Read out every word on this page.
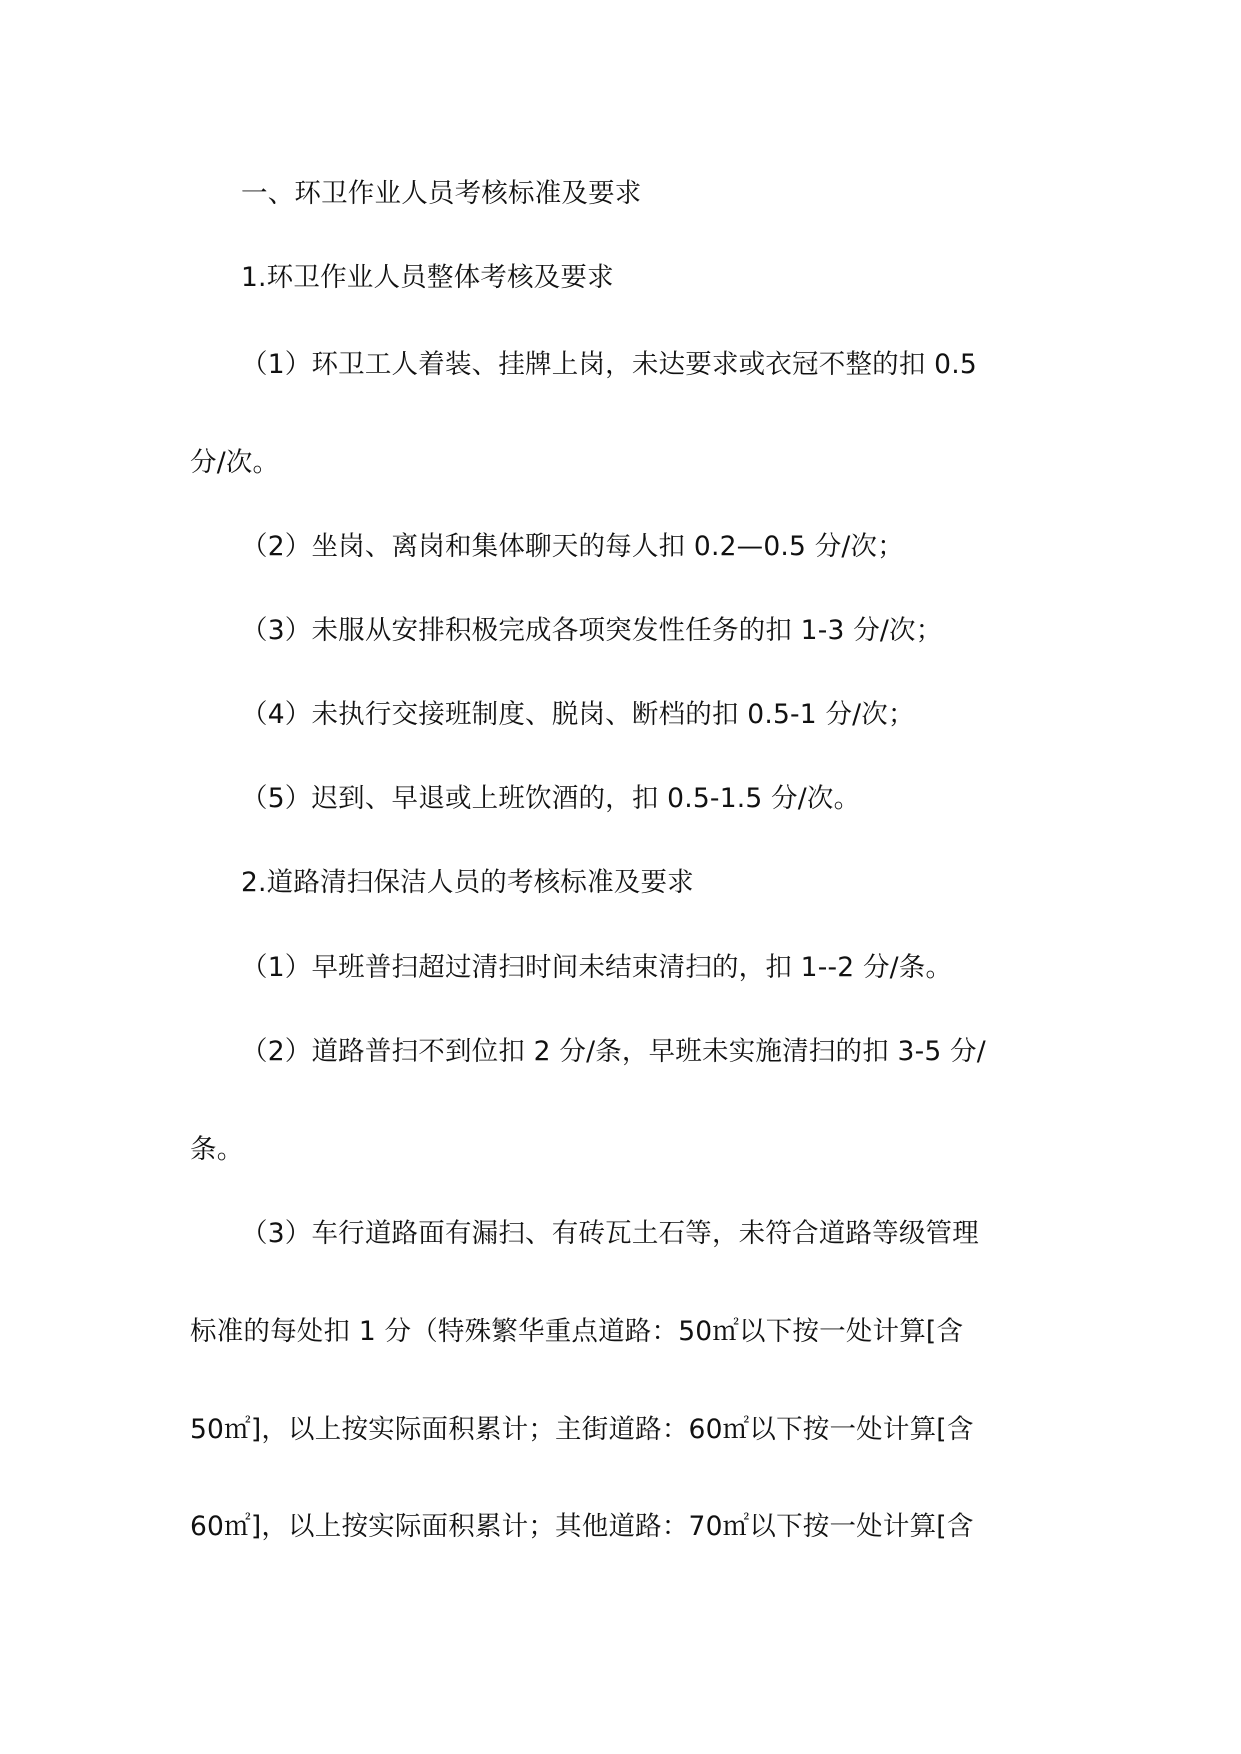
一、环卫作业人员考核标准及要求
1.环卫作业人员整体考核及要求
（1）环卫工人着装、挂牌上岗，未达要求或衣冠不整的扣 0.5
分/次。
（2）坐岗、离岗和集体聊天的每人扣 0.2—0.5 分/次；
（3）未服从安排积极完成各项突发性任务的扣 1-3 分/次；
（4）未执行交接班制度、脱岗、断档的扣 0.5-1 分/次；
（5）迟到、早退或上班饮酒的，扣 0.5-1.5 分/次。
2.道路清扫保洁人员的考核标准及要求
（1）早班普扫超过清扫时间未结束清扫的，扣 1--2 分/条。
（2）道路普扫不到位扣 2 分/条，早班未实施清扫的扣 3-5 分/
条。
（3）车行道路面有漏扫、有砖瓦土石等，未符合道路等级管理
标准的每处扣 1 分（特殊繁华重点道路：50㎡以下按一处计算[含
50㎡]，以上按实际面积累计；主街道路：60㎡以下按一处计算[含
60㎡]，以上按实际面积累计；其他道路：70㎡以下按一处计算[含
